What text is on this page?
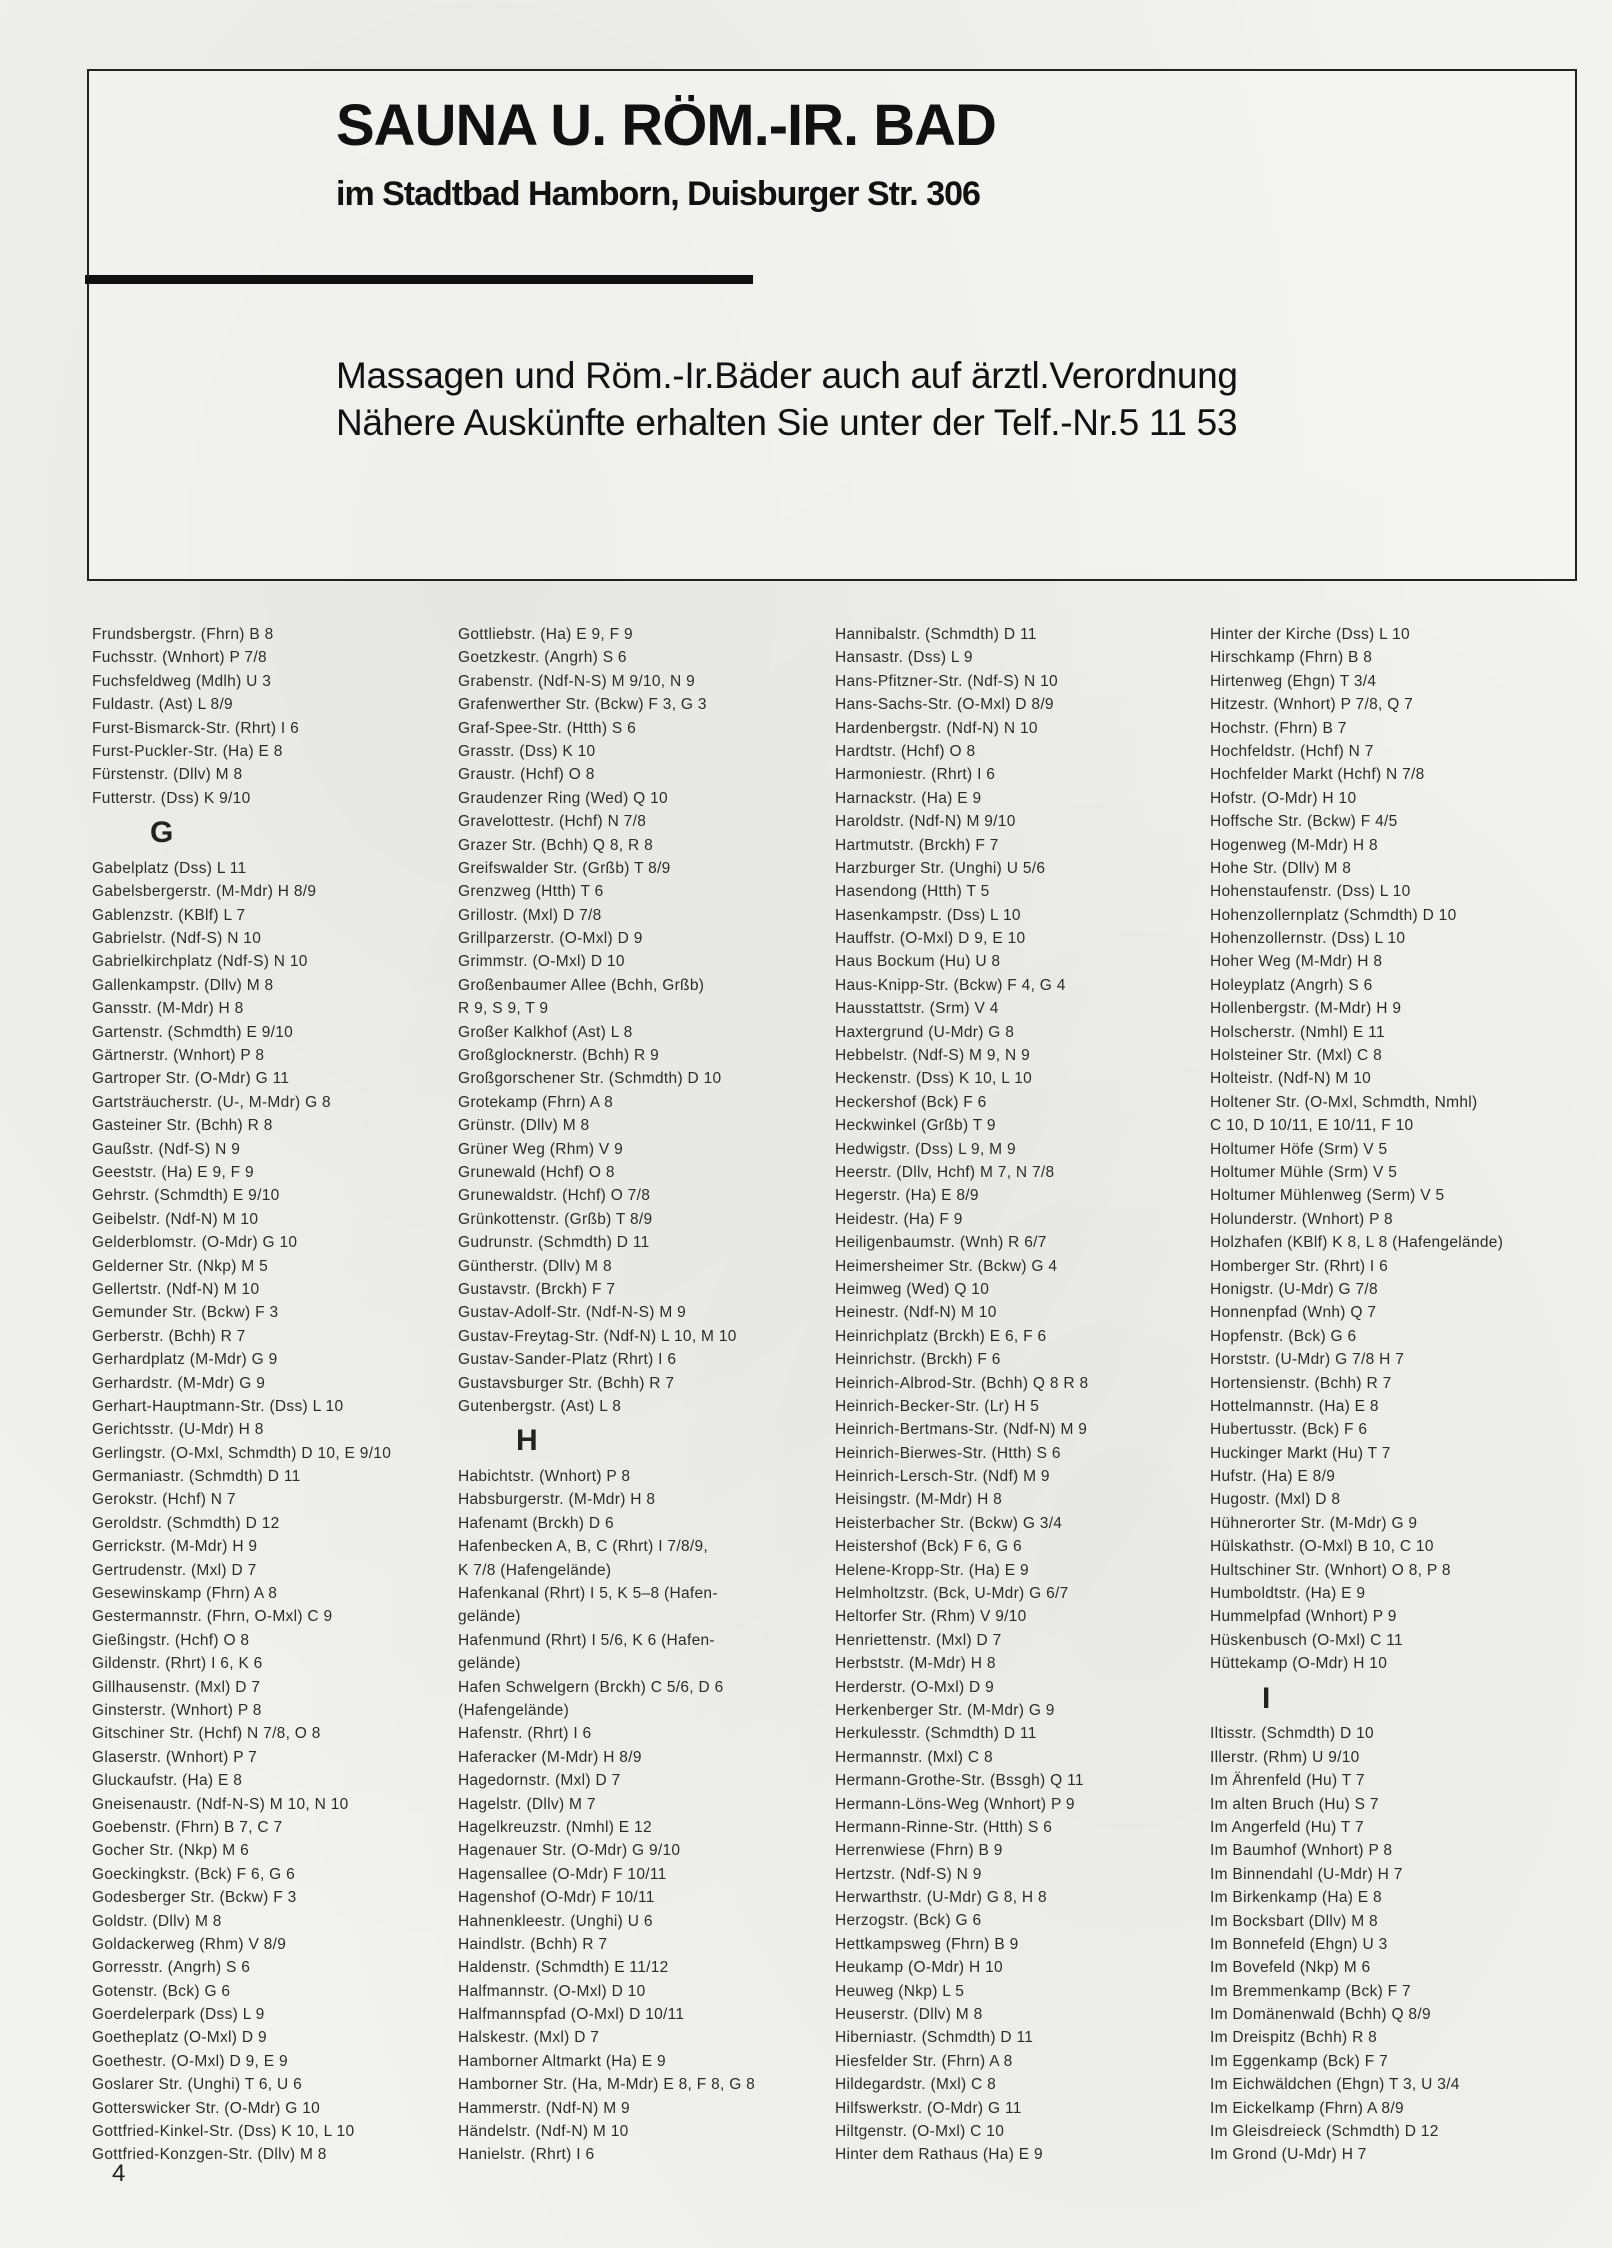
SAUNA U. RÖM.-IR. BAD
im Stadtbad Hamborn, Duisburger Str. 306
Massagen und Röm.-Ir.Bäder auch auf ärztl.Verordnung
Nähere Auskünfte erhalten Sie unter der Telf.-Nr.5 11 53
Frundsbergstr. (Fhrn) B 8
Fuchsstr. (Wnhort) P 7/8
Fuchsfeldweg (Mdlh) U 3
Fuldastr. (Ast) L 8/9
Furst-Bismarck-Str. (Rhrt) I 6
Furst-Puckler-Str. (Ha) E 8
Fürstenstr. (Dllv) M 8
Futterstr. (Dss) K 9/10
G
Gabelplatz (Dss) L 11
Gabelsbergerstr. (M-Mdr) H 8/9
Gablenzstr. (KBlf) L 7
Gabrielstr. (Ndf-S) N 10
Gabrielkirchplatz (Ndf-S) N 10
Gallenkampstr. (Dllv) M 8
Gansstr. (M-Mdr) H 8
Gartenstr. (Schmdth) E 9/10
Gärtnerstr. (Wnhort) P 8
Gartroper Str. (O-Mdr) G 11
Gartsträucherstr. (U-, M-Mdr) G 8
Gasteiner Str. (Bchh) R 8
Gaußstr. (Ndf-S) N 9
Geeststr. (Ha) E 9, F 9
Gehrstr. (Schmdth) E 9/10
Geibelstr. (Ndf-N) M 10
Gelderblomstr. (O-Mdr) G 10
Gelderner Str. (Nkp) M 5
Gellertstr. (Ndf-N) M 10
Gemunder Str. (Bckw) F 3
Gerberstr. (Bchh) R 7
Gerhardplatz (M-Mdr) G 9
Gerhardstr. (M-Mdr) G 9
Gerhart-Hauptmann-Str. (Dss) L 10
Gerichtsstr. (U-Mdr) H 8
Gerlingstr. (O-Mxl, Schmdth) D 10, E 9/10
Germaniastr. (Schmdth) D 11
Gerokstr. (Hchf) N 7
Geroldstr. (Schmdth) D 12
Gerrickstr. (M-Mdr) H 9
Gertrudenstr. (Mxl) D 7
Gesewinskamp (Fhrn) A 8
Gestermannstr. (Fhrn, O-Mxl) C 9
Gießingstr. (Hchf) O 8
Gildenstr. (Rhrt) I 6, K 6
Gillhausenstr. (Mxl) D 7
Ginsterstr. (Wnhort) P 8
Gitschiner Str. (Hchf) N 7/8, O 8
Glaserstr. (Wnhort) P 7
Gluckaufstr. (Ha) E 8
Gneisenaustr. (Ndf-N-S) M 10, N 10
Goebenstr. (Fhrn) B 7, C 7
Gocher Str. (Nkp) M 6
Goeckingkstr. (Bck) F 6, G 6
Godesberger Str. (Bckw) F 3
Goldstr. (Dllv) M 8
Goldackerweg (Rhm) V 8/9
Gorresstr. (Angrh) S 6
Gotenstr. (Bck) G 6
Goerdelerpark (Dss) L 9
Goetheplatz (O-Mxl) D 9
Goethestr. (O-Mxl) D 9, E 9
Goslarer Str. (Unghi) T 6, U 6
Gotterswicker Str. (O-Mdr) G 10
Gottfried-Kinkel-Str. (Dss) K 10, L 10
Gottfried-Konzgen-Str. (Dllv) M 8
Gottliebstr. (Ha) E 9, F 9
Goetzkestr. (Angrh) S 6
Grabenstr. (Ndf-N-S) M 9/10, N 9
Grafenwerther Str. (Bckw) F 3, G 3
Graf-Spee-Str. (Htth) S 6
Grasstr. (Dss) K 10
Graustr. (Hchf) O 8
Graudenzer Ring (Wed) Q 10
Gravelottestr. (Hchf) N 7/8
Grazer Str. (Bchh) Q 8, R 8
Greifswalder Str. (Grßb) T 8/9
Grenzweg (Htth) T 6
Grillostr. (Mxl) D 7/8
Grillparzerstr. (O-Mxl) D 9
Grimmstr. (O-Mxl) D 10
Großenbaumer Allee (Bchh, Grßb)
R 9, S 9, T 9
Großer Kalkhof (Ast) L 8
Großglocknerstr. (Bchh) R 9
Großgorschener Str. (Schmdth) D 10
Grotekamp (Fhrn) A 8
Grünstr. (Dllv) M 8
Grüner Weg (Rhm) V 9
Grunewald (Hchf) O 8
Grunewaldstr. (Hchf) O 7/8
Grünkottenstr. (Grßb) T 8/9
Gudrunstr. (Schmdth) D 11
Güntherstr. (Dllv) M 8
Gustavstr. (Brckh) F 7
Gustav-Adolf-Str. (Ndf-N-S) M 9
Gustav-Freytag-Str. (Ndf-N) L 10, M 10
Gustav-Sander-Platz (Rhrt) I 6
Gustavsburger Str. (Bchh) R 7
Gutenbergstr. (Ast) L 8
H
Habichtstr. (Wnhort) P 8
Habsburgerstr. (M-Mdr) H 8
Hafenamt (Brckh) D 6
Hafenbecken A, B, C (Rhrt) I 7/8/9,
K 7/8 (Hafengelände)
Hafenkanal (Rhrt) I 5, K 5–8 (Hafen-
gelände)
Hafenmund (Rhrt) I 5/6, K 6 (Hafen-
gelände)
Hafen Schwelgern (Brckh) C 5/6, D 6
(Hafengelände)
Hafenstr. (Rhrt) I 6
Haferacker (M-Mdr) H 8/9
Hagedornstr. (Mxl) D 7
Hagelstr. (Dllv) M 7
Hagelkreuzstr. (Nmhl) E 12
Hagenauer Str. (O-Mdr) G 9/10
Hagensallee (O-Mdr) F 10/11
Hagenshof (O-Mdr) F 10/11
Hahnenkleestr. (Unghi) U 6
Haindlstr. (Bchh) R 7
Haldenstr. (Schmdth) E 11/12
Halfmannstr. (O-Mxl) D 10
Halfmannspfad (O-Mxl) D 10/11
Halskestr. (Mxl) D 7
Hamborner Altmarkt (Ha) E 9
Hamborner Str. (Ha, M-Mdr) E 8, F 8, G 8
Hammerstr. (Ndf-N) M 9
Händelstr. (Ndf-N) M 10
Hanielstr. (Rhrt) I 6
Hannibalstr. (Schmdth) D 11
Hansastr. (Dss) L 9
Hans-Pfitzner-Str. (Ndf-S) N 10
Hans-Sachs-Str. (O-Mxl) D 8/9
Hardenbergstr. (Ndf-N) N 10
Hardtstr. (Hchf) O 8
Harmoniestr. (Rhrt) I 6
Harnackstr. (Ha) E 9
Haroldstr. (Ndf-N) M 9/10
Hartmutstr. (Brckh) F 7
Harzburger Str. (Unghi) U 5/6
Hasendong (Htth) T 5
Hasenkampstr. (Dss) L 10
Hauffstr. (O-Mxl) D 9, E 10
Haus Bockum (Hu) U 8
Haus-Knipp-Str. (Bckw) F 4, G 4
Hausstattstr. (Srm) V 4
Haxtergrund (U-Mdr) G 8
Hebbelstr. (Ndf-S) M 9, N 9
Heckenstr. (Dss) K 10, L 10
Heckershof (Bck) F 6
Heckwinkel (Grßb) T 9
Hedwigstr. (Dss) L 9, M 9
Heerstr. (Dllv, Hchf) M 7, N 7/8
Hegerstr. (Ha) E 8/9
Heidestr. (Ha) F 9
Heiligenbaumstr. (Wnh) R 6/7
Heimersheimer Str. (Bckw) G 4
Heimweg (Wed) Q 10
Heinestr. (Ndf-N) M 10
Heinrichplatz (Brckh) E 6, F 6
Heinrichstr. (Brckh) F 6
Heinrich-Albrod-Str. (Bchh) Q 8 R 8
Heinrich-Becker-Str. (Lr) H 5
Heinrich-Bertmans-Str. (Ndf-N) M 9
Heinrich-Bierwes-Str. (Htth) S 6
Heinrich-Lersch-Str. (Ndf) M 9
Heisingstr. (M-Mdr) H 8
Heisterbacher Str. (Bckw) G 3/4
Heistershof (Bck) F 6, G 6
Helene-Kropp-Str. (Ha) E 9
Helmholtzstr. (Bck, U-Mdr) G 6/7
Heltorfer Str. (Rhm) V 9/10
Henriettenstr. (Mxl) D 7
Herbststr. (M-Mdr) H 8
Herderstr. (O-Mxl) D 9
Herkenberger Str. (M-Mdr) G 9
Herkulesstr. (Schmdth) D 11
Hermannstr. (Mxl) C 8
Hermann-Grothe-Str. (Bssgh) Q 11
Hermann-Löns-Weg (Wnhort) P 9
Hermann-Rinne-Str. (Htth) S 6
Herrenwiese (Fhrn) B 9
Hertzstr. (Ndf-S) N 9
Herwarthstr. (U-Mdr) G 8, H 8
Herzogstr. (Bck) G 6
Hettkampsweg (Fhrn) B 9
Heukamp (O-Mdr) H 10
Heuweg (Nkp) L 5
Heuserstr. (Dllv) M 8
Hiberniastr. (Schmdth) D 11
Hiesfelder Str. (Fhrn) A 8
Hildegardstr. (Mxl) C 8
Hilfswerkstr. (O-Mdr) G 11
Hiltgenstr. (O-Mxl) C 10
Hinter dem Rathaus (Ha) E 9
Hinter der Kirche (Dss) L 10
Hirschkamp (Fhrn) B 8
Hirtenweg (Ehgn) T 3/4
Hitzestr. (Wnhort) P 7/8, Q 7
Hochstr. (Fhrn) B 7
Hochfeldstr. (Hchf) N 7
Hochfelder Markt (Hchf) N 7/8
Hofstr. (O-Mdr) H 10
Hoffsche Str. (Bckw) F 4/5
Hogenweg (M-Mdr) H 8
Hohe Str. (Dllv) M 8
Hohenstaufenstr. (Dss) L 10
Hohenzollernplatz (Schmdth) D 10
Hohenzollernstr. (Dss) L 10
Hoher Weg (M-Mdr) H 8
Holeyplatz (Angrh) S 6
Hollenbergstr. (M-Mdr) H 9
Holscherstr. (Nmhl) E 11
Holsteiner Str. (Mxl) C 8
Holteistr. (Ndf-N) M 10
Holtener Str. (O-Mxl, Schmdth, Nmhl)
C 10, D 10/11, E 10/11, F 10
Holtumer Höfe (Srm) V 5
Holtumer Mühle (Srm) V 5
Holtumer Mühlenweg (Serm) V 5
Holunderstr. (Wnhort) P 8
Holzhafen (KBlf) K 8, L 8 (Hafengelände)
Homberger Str. (Rhrt) I 6
Honigstr. (U-Mdr) G 7/8
Honnenpfad (Wnh) Q 7
Hopfenstr. (Bck) G 6
Horststr. (U-Mdr) G 7/8 H 7
Hortensienstr. (Bchh) R 7
Hottelmannstr. (Ha) E 8
Hubertusstr. (Bck) F 6
Huckinger Markt (Hu) T 7
Hufstr. (Ha) E 8/9
Hugostr. (Mxl) D 8
Hühnerorter Str. (M-Mdr) G 9
Hülskathstr. (O-Mxl) B 10, C 10
Hultschiner Str. (Wnhort) O 8, P 8
Humboldtstr. (Ha) E 9
Hummelpfad (Wnhort) P 9
Hüskenbusch (O-Mxl) C 11
Hüttekamp (O-Mdr) H 10
I
Iltisstr. (Schmdth) D 10
Illerstr. (Rhm) U 9/10
Im Ährenfeld (Hu) T 7
Im alten Bruch (Hu) S 7
Im Angerfeld (Hu) T 7
Im Baumhof (Wnhort) P 8
Im Binnendahl (U-Mdr) H 7
Im Birkenkamp (Ha) E 8
Im Bocksbart (Dllv) M 8
Im Bonnefeld (Ehgn) U 3
Im Bovefeld (Nkp) M 6
Im Bremmenkamp (Bck) F 7
Im Domänenwald (Bchh) Q 8/9
Im Dreispitz (Bchh) R 8
Im Eggenkamp (Bck) F 7
Im Eichwäldchen (Ehgn) T 3, U 3/4
Im Eickelkamp (Fhrn) A 8/9
Im Gleisdreieck (Schmdth) D 12
Im Grond (U-Mdr) H 7
4
